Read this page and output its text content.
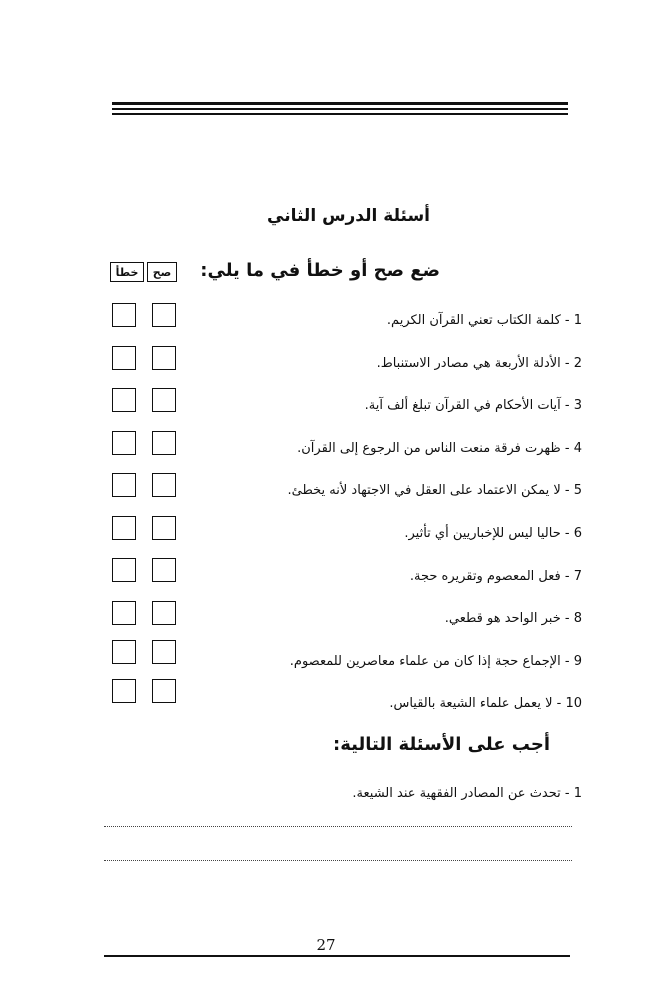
أسئلة الدرس الثاني
ضع صح أو خطأ في ما يلي:
خطأ	صح
1 - كلمة الكتاب تعني القرآن الكريم.
2 - الأدلة الأربعة هي مصادر الاستنباط.
3 - آيات الأحكام في القرآن تبلغ ألف آية.
4 - ظهرت فرقة منعت الناس من الرجوع إلى القرآن.
5 - لا يمكن الاعتماد على العقل في الاجتهاد لأنه يخطئ.
6 - حاليا ليس للإخباريين أي تأثير.
7 - فعل المعصوم وتقريره حجة.
8 - خبر الواحد هو قطعي.
9 - الإجماع حجة إذا كان من علماء معاصرين للمعصوم.
10 - لا يعمل علماء الشيعة بالقياس.
أجب على الأسئلة التالية:
1 - تحدث عن المصادر الفقهية عند الشيعة.
27
